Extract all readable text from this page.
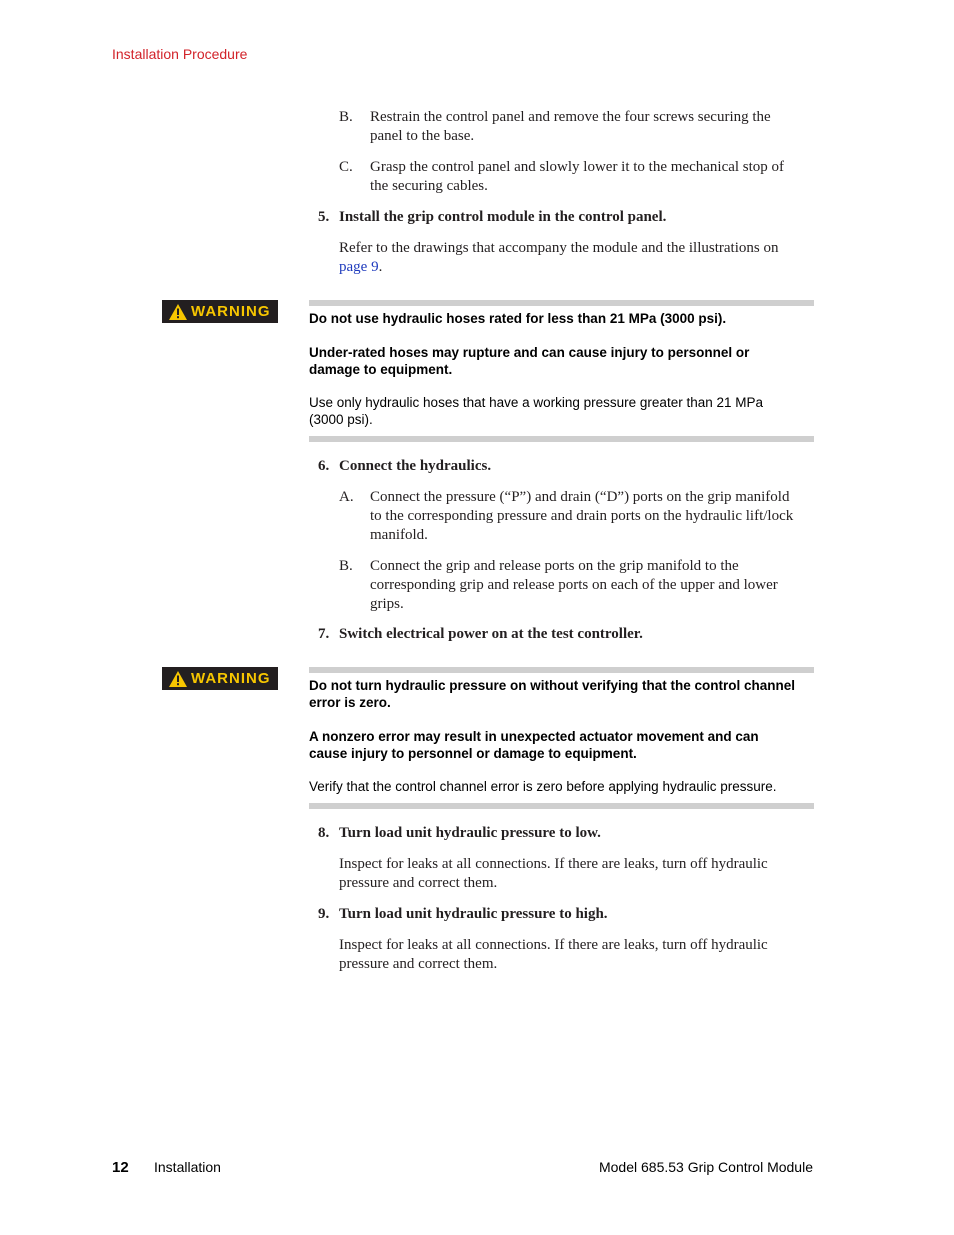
Installation Procedure
B. Restrain the control panel and remove the four screws securing the
panel to the base.
C. Grasp the control panel and slowly lower it to the mechanical stop of
the securing cables.
5. Install the grip control module in the control panel.
Refer to the drawings that accompany the module and the illustrations on
page 9.
WARNING	Do not use hydraulic hoses rated for less than 21 MPa (3000 psi).
Under-rated hoses may rupture and can cause injury to personnel or
damage to equipment.
Use only hydraulic hoses that have a working pressure greater than 21 MPa
(3000 psi).
6. Connect the hydraulics.
A. Connect the pressure (“P”) and drain (“D”) ports on the grip manifold
to the corresponding pressure and drain ports on the hydraulic lift/lock
manifold.
B. Connect the grip and release ports on the grip manifold to the
corresponding grip and release ports on each of the upper and lower
grips.
7. Switch electrical power on at the test controller.
WARNING	Do not turn hydraulic pressure on without verifying that the control channel
error is zero.
A nonzero error may result in unexpected actuator movement and can
cause injury to personnel or damage to equipment.
Verify that the control channel error is zero before applying hydraulic pressure.
8. Turn load unit hydraulic pressure to low.
Inspect for leaks at all connections. If there are leaks, turn off hydraulic
pressure and correct them.
9. Turn load unit hydraulic pressure to high.
Inspect for leaks at all connections. If there are leaks, turn off hydraulic
pressure and correct them.
12 Installation	Model 685.53 Grip Control Module
